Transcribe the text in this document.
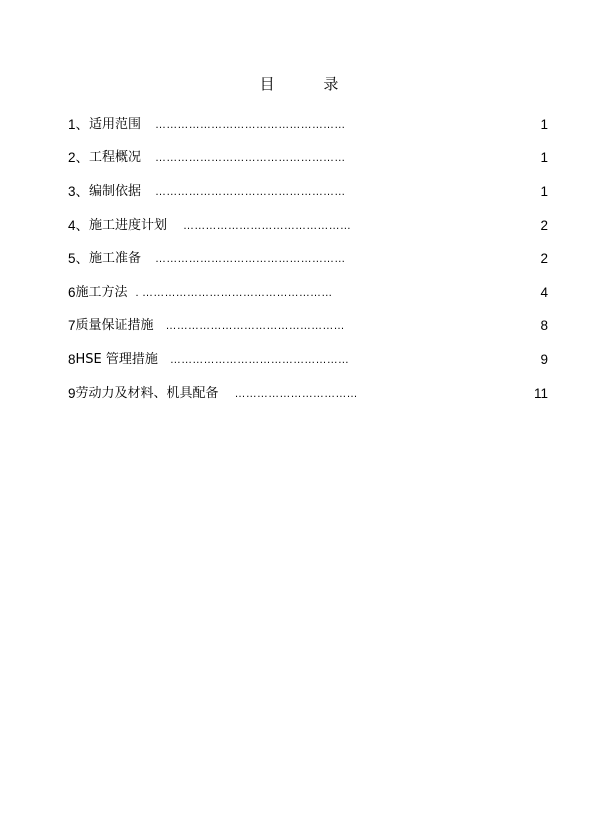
目 录
1、 适用范围 ……………………………………………	1
2、 工程概况 ……………………………………………	1
3、 编制依据 ……………………………………………	1
4、 施工进度计划 ………………………………………	2
5、 施工准备 ……………………………………………	2
6 施工方法 . ……………………………………………	4
7 质量保证措施 …………………………………………	8
8 HSE 管理措施 …………………………………………	9
9 劳动力及材料、机具配备 ……………………………	11
